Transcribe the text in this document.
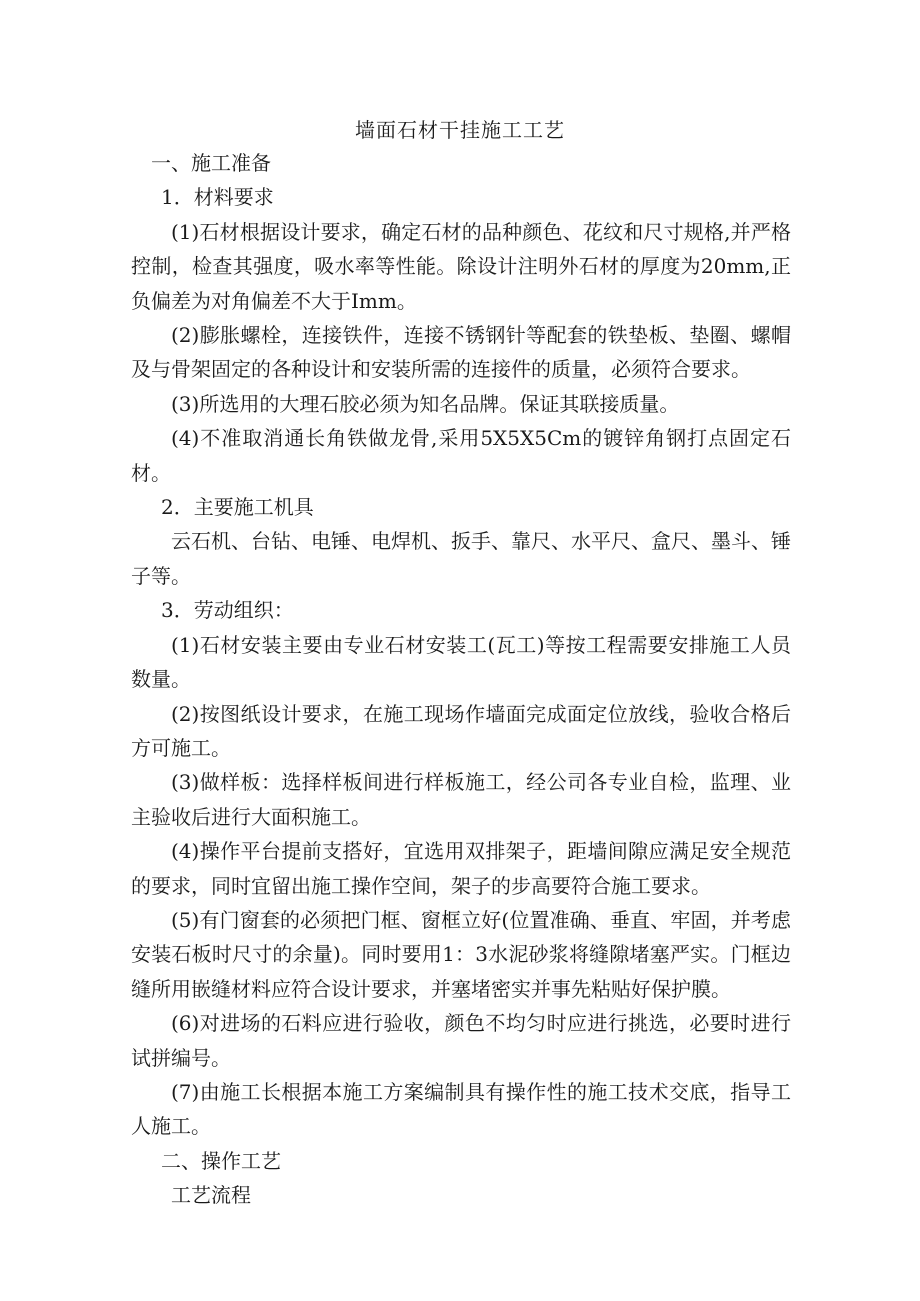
墙面石材干挂施工工艺

一、施工准备

1．材料要求

(1)石材根据设计要求，确定石材的品种颜色、花纹和尺寸规格,并严格控制，检查其强度，吸水率等性能。除设计注明外石材的厚度为20mm,正负偏差为对角偏差不大于Imm。

(2)膨胀螺栓，连接铁件，连接不锈钢针等配套的铁垫板、垫圈、螺帽及与骨架固定的各种设计和安装所需的连接件的质量，必须符合要求。

(3)所选用的大理石胶必须为知名品牌。保证其联接质量。

(4)不准取消通长角铁做龙骨,采用5X5X5Cm的镀锌角钢打点固定石材。

2．主要施工机具

云石机、台钻、电锤、电焊机、扳手、靠尺、水平尺、盒尺、墨斗、锤子等。

3．劳动组织：

(1)石材安装主要由专业石材安装工(瓦工)等按工程需要安排施工人员数量。

(2)按图纸设计要求，在施工现场作墙面完成面定位放线，验收合格后方可施工。

(3)做样板：选择样板间进行样板施工，经公司各专业自检，监理、业主验收后进行大面积施工。

(4)操作平台提前支搭好，宜选用双排架子，距墙间隙应满足安全规范的要求，同时宜留出施工操作空间，架子的步高要符合施工要求。

(5)有门窗套的必须把门框、窗框立好(位置准确、垂直、牢固，并考虑安装石板时尺寸的余量)。同时要用1：3水泥砂浆将缝隙堵塞严实。门框边缝所用嵌缝材料应符合设计要求，并塞堵密实并事先粘贴好保护膜。

(6)对进场的石料应进行验收，颜色不均匀时应进行挑选，必要时进行试拼编号。

(7)由施工长根据本施工方案编制具有操作性的施工技术交底，指导工人施工。

二、操作工艺

工艺流程
